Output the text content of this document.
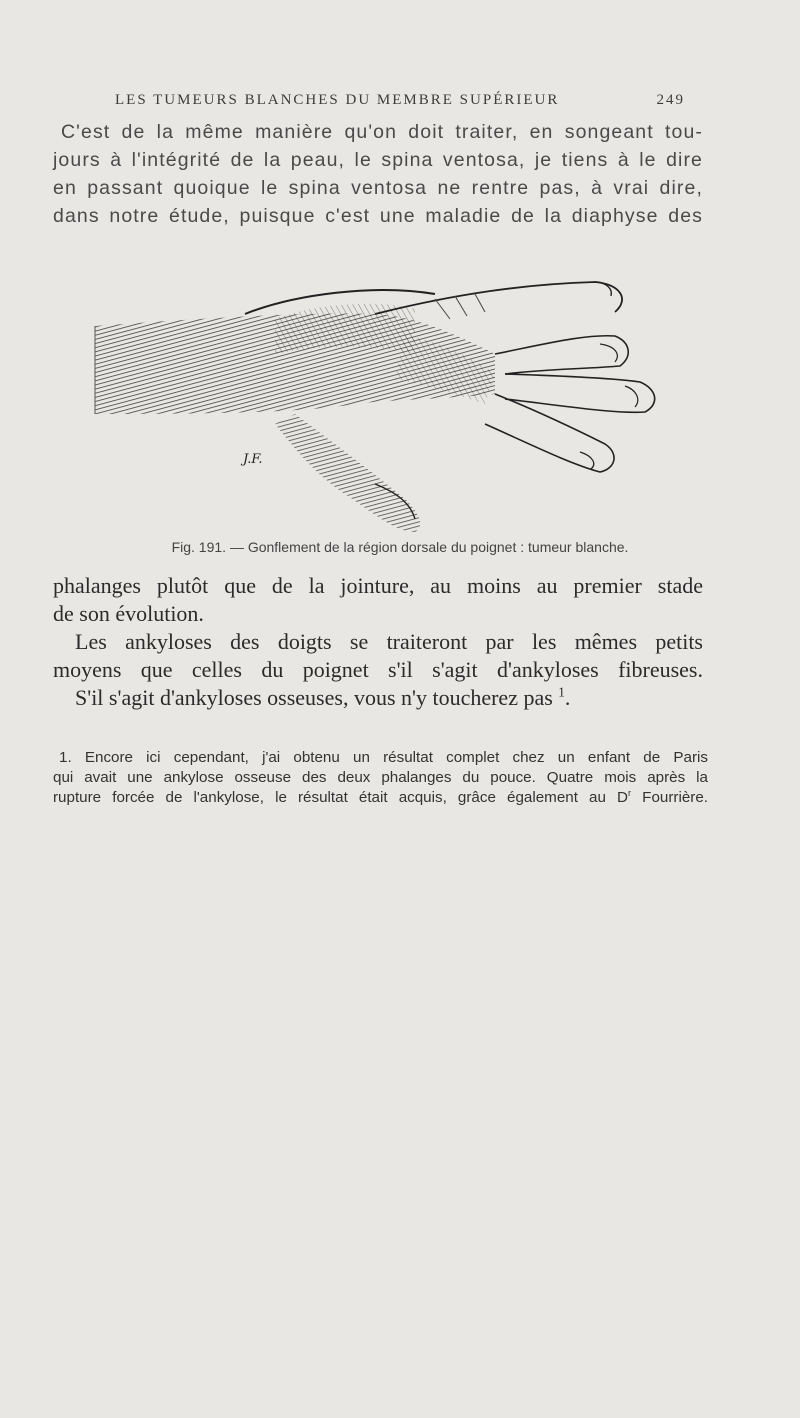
LES TUMEURS BLANCHES DU MEMBRE SUPÉRIEUR	249
C'est de la même manière qu'on doit traiter, en songeant tou-
jours à l'intégrité de la peau, le spina ventosa, je tiens à le dire
en passant quoique le spina ventosa ne rentre pas, à vrai dire,
dans notre étude, puisque c'est une maladie de la diaphyse des
J.F.
Fig. 191. — Gonflement de la région dorsale du poignet : tumeur blanche.
phalanges plutôt que de la jointure, au moins au premier stade
de son évolution.
Les ankyloses des doigts se traiteront par les mêmes petits
moyens que celles du poignet s'il s'agit d'ankyloses fibreuses.
S'il s'agit d'ankyloses osseuses, vous n'y toucherez pas $^1$.
1. Encore ici cependant, j'ai obtenu un résultat complet chez un enfant de Paris
qui avait une ankylose osseuse des deux phalanges du pouce. Quatre mois après la
rupture forcée de l'ankylose, le résultat était acquis, grâce également au $D^r$ Fourrière.
